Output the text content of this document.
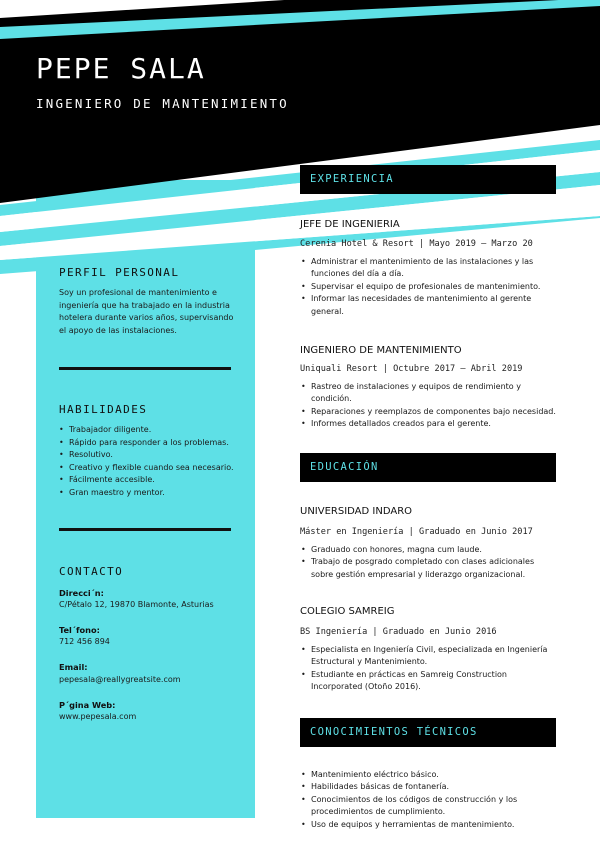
PEPE SALA
INGENIERO DE MANTENIMIENTO
PERFIL PERSONAL
Soy un profesional de mantenimiento e ingeniería que ha trabajado en la industria hotelera durante varios años, supervisando el apoyo de las instalaciones.
HABILIDADES
• Trabajador diligente.
• Rápido para responder a los problemas.
• Resolutivo.
• Creativo y flexible cuando sea necesario.
• Fácilmente accesible.
• Gran maestro y mentor.
CONTACTO
Direcci´n:
C/Pétalo 12, 19870 Blamonte, Asturias
Tel´fono:
712 456 894
Email:
pepesala@reallygreatsite.com
P´gina Web:
www.pepesala.com
EXPERIENCIA
JEFE DE INGENIERIA
Cerenia Hotel & Resort | Mayo 2019 – Marzo 20
• Administrar el mantenimiento de las instalaciones y las funciones del día a día.
• Supervisar el equipo de profesionales de mantenimiento.
• Informar las necesidades de mantenimiento al gerente general.
INGENIERO DE MANTENIMIENTO
Uniquali Resort | Octubre 2017 – Abril 2019
• Rastreo de instalaciones y equipos de rendimiento y condición.
• Reparaciones y reemplazos de componentes bajo necesidad.
• Informes detallados creados para el gerente.
EDUCACIÓN
UNIVERSIDAD INDARO
Máster en Ingeniería | Graduado en Junio 2017
• Graduado con honores, magna cum laude.
• Trabajo de posgrado completado con clases adicionales sobre gestión empresarial y liderazgo organizacional.
COLEGIO SAMREIG
BS Ingeniería | Graduado en Junio 2016
• Especialista en Ingeniería Civil, especializada en Ingeniería Estructural y Mantenimiento.
• Estudiante en prácticas en Samreig Construction Incorporated (Otoño 2016).
CONOCIMIENTOS TÉCNICOS
• Mantenimiento eléctrico básico.
• Habilidades básicas de fontanería.
• Conocimientos de los códigos de construcción y los procedimientos de cumplimiento.
• Uso de equipos y herramientas de mantenimiento.
